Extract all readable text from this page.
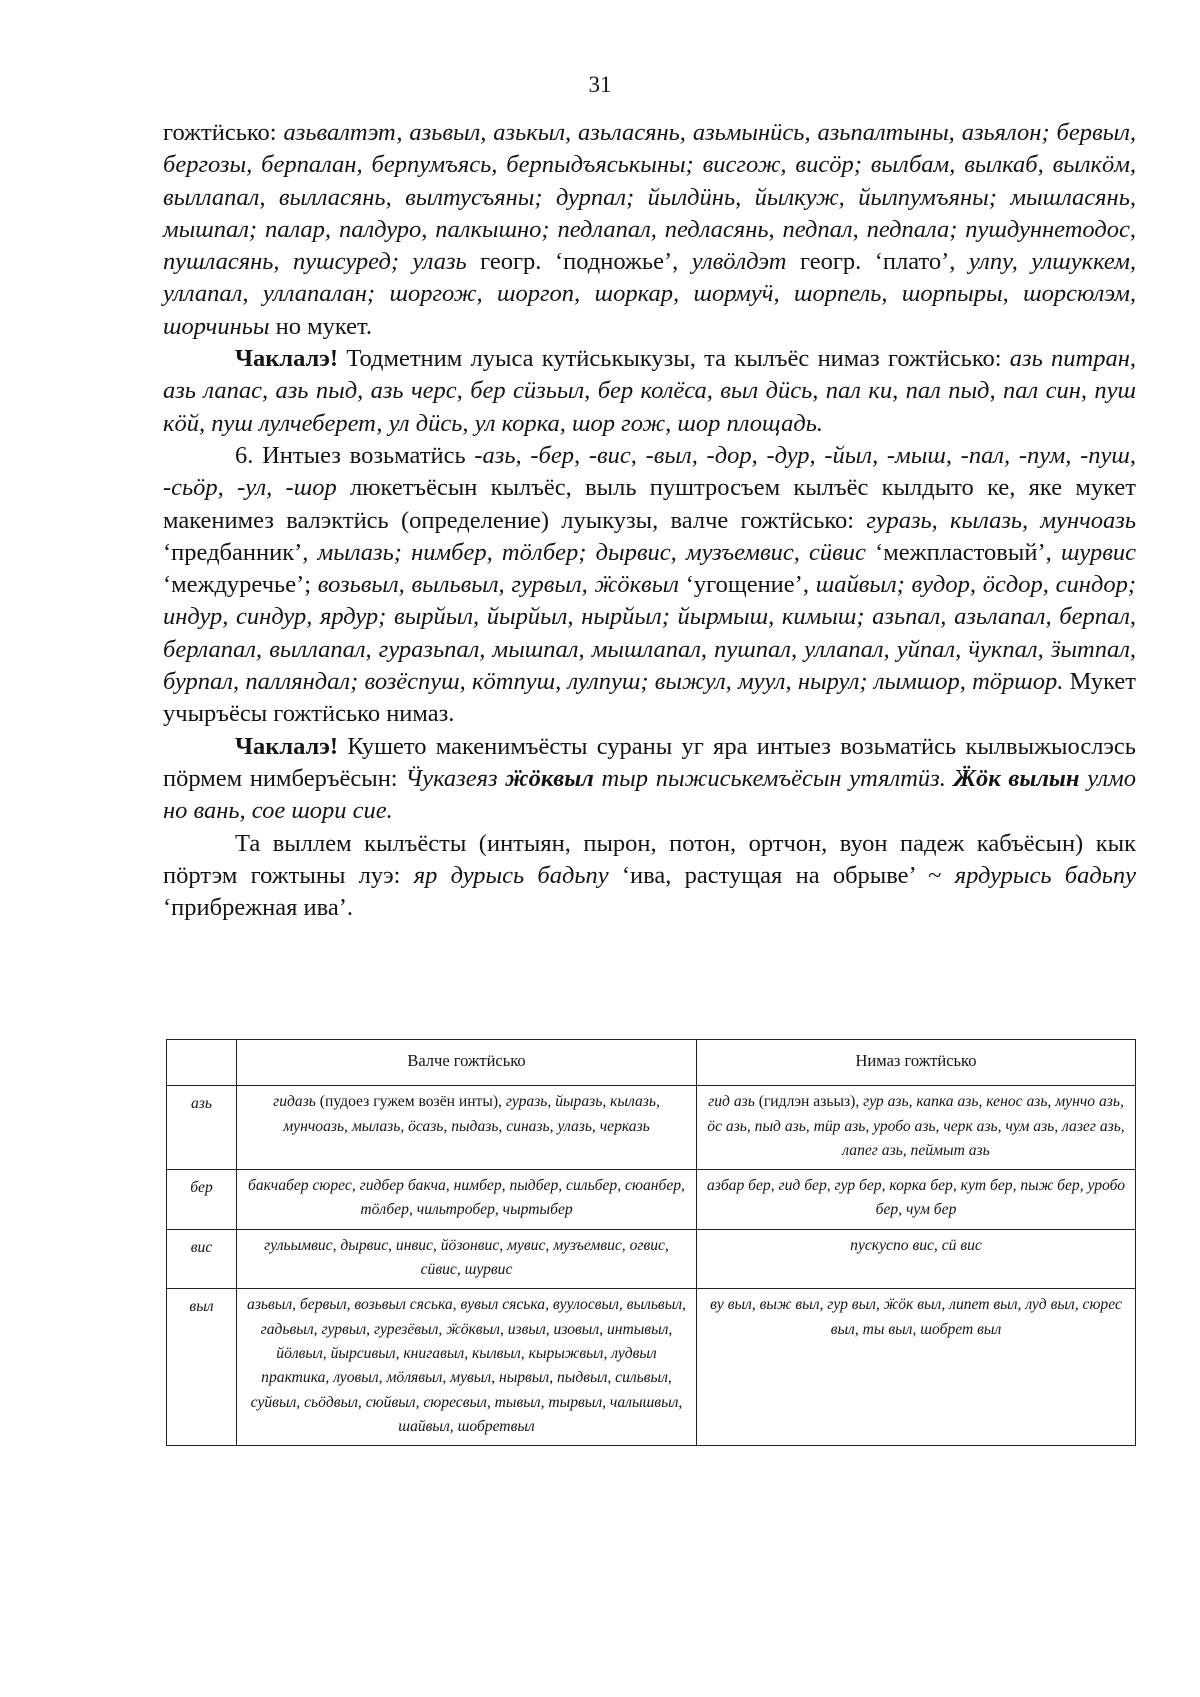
31

гожтӥсько: азьвалтэт, азьвыл, азькыл, азьласянь, азьмынӥсь, азьпалтыны, азьялон; бервыл, бергозы, берпалан, берпумъясь, берпыдъяськыны; висгож, висӧр; вылбам, вылкаб, вылкӧм, выллапал, вылласянь, вылтусъяны; дурпал; йылдӥнь, йылкуж, йылпумъяны; мышласянь, мышпал; палар, палдуро, палкышно; педлапал, педласянь, педпал, педпала; пушдуннетодос, пушласянь, пушсуред; улазь геогр. ‘подножье’, улвӧлдэт геогр. ‘плато’, улпу, улшуккем, уллапал, уллапалан; шоргож, шоргоп, шоркар, шормуӵ, шорпель, шорпыры, шорсюлэм, шорчиньы но мукет.

Чаклалэ! Тодметним луыса кутӥськыкузы, та кылъёс нимаз гожтӥсько: азь питран, азь лапас, азь пыд, азь черс, бер сӥзьыл, бер колёса, выл дӥсь, пал ки, пал пыд, пал син, пуш кӧй, пуш лулчеберет, ул дӥсь, ул корка, шор гож, шор площадь.

6. Интыез возьматӥсь -азь, -бер, -вис, -выл, -дор, -дур, -йыл, -мыш, -пал, -пум, -пуш, -сьӧр, -ул, -шор люкетъёсын кылъёс, выль пуштросъем кылъёс кылдыто ке, яке мукет макенимез валэктӥсь (определение) луыкузы, валче гожтӥсько: гуразь, кылазь, мунчоазь ‘предбанник’, мылазь; нимбер, тӧлбер; дырвис, музъемвис, сӥвис ‘межпластовый’, шурвис ‘междуречье’; возьвыл, выльвыл, гурвыл, ӝӧквыл ‘угощение’, шайвыл; вудор, ӧсдор, синдор; индур, синдур, ярдур; вырйыл, йырйыл, нырйыл; йырмыш, кимыш; азьпал, азьлапал, берпал, берлапал, выллапал, гуразьпал, мышпал, мышлапал, пушпал, уллапал, уйпал, ӵукпал, ӟытпал, бурпал, палляндал; возёспуш, кӧтпуш, лулпуш; выжул, муул, нырул; лымшор, тӧршор. Мукет учыръёсы гожтӥсько нимаз.

Чаклалэ! Кушето макенимъёсты сураны уг яра интыез возьматӥсь кылвыжыослэсь пӧрмем нимберъёсын: Ӵуказеяз ӝӧквыл тыр пыжиськемъёсын утялтӥз. Ӝӧк вылын улмо но вань, сое шори сие.

Та выллем кылъёсты (интыян, пырон, потон, ортчон, вуон падеж кабъёсын) кык пӧртэм гожтыны луэ: яр дурысь бадьпу ‘ива, растущая на обрыве’ ~ ярдурысь бадьпу ‘прибрежная ива’.

	Валче гожтӥсько	Нимаз гожтӥсько
азь	гидазь (пудоез гужем возён инты), гуразь, йыразь, кылазь, мунчоазь, мылазь, ӧсазь, пыдазь, синазь, улазь, черказь	гид азь (гидлэн азьыз), гур азь, капка азь, кенос азь, мунчо азь, ӧс азь, пыд азь, тӥр азь, уробо азь, черк азь, чум азь, лазег азь, лапег азь, пеймыт азь
бер	бакчабер сюрес, гидбер бакча, нимбер, пыдбер, сильбер, сюанбер, тӧлбер, чильтробер, чыртыбер	азбар бер, гид бер, гур бер, корка бер, кут бер, пыж бер, уробо бер, чум бер
вис	гульымвис, дырвис, инвис, йӧзонвис, мувис, музъемвис, огвис, сӥвис, шурвис	пускуспо вис, сӥ вис
выл	азьвыл, бервыл, возьвыл сяська, вувыл сяська, вуулосвыл, выльвыл, гадьвыл, гурвыл, гурезёвыл, ӝӧквыл, извыл, изовыл, интывыл, йӧлвыл, йырсивыл, книгавыл, кылвыл, кырыжвыл, лудвыл практика, луовыл, мӧлявыл, мувыл, нырвыл, пыдвыл, сильвыл, суйвыл, сьӧдвыл, сюйвыл, сюресвыл, тывыл, тырвыл, чалышвыл, шайвыл, шобретвыл	ву выл, выж выл, гур выл, ӝӧк выл, липет выл, луд выл, сюрес выл, ты выл, шобрет выл
